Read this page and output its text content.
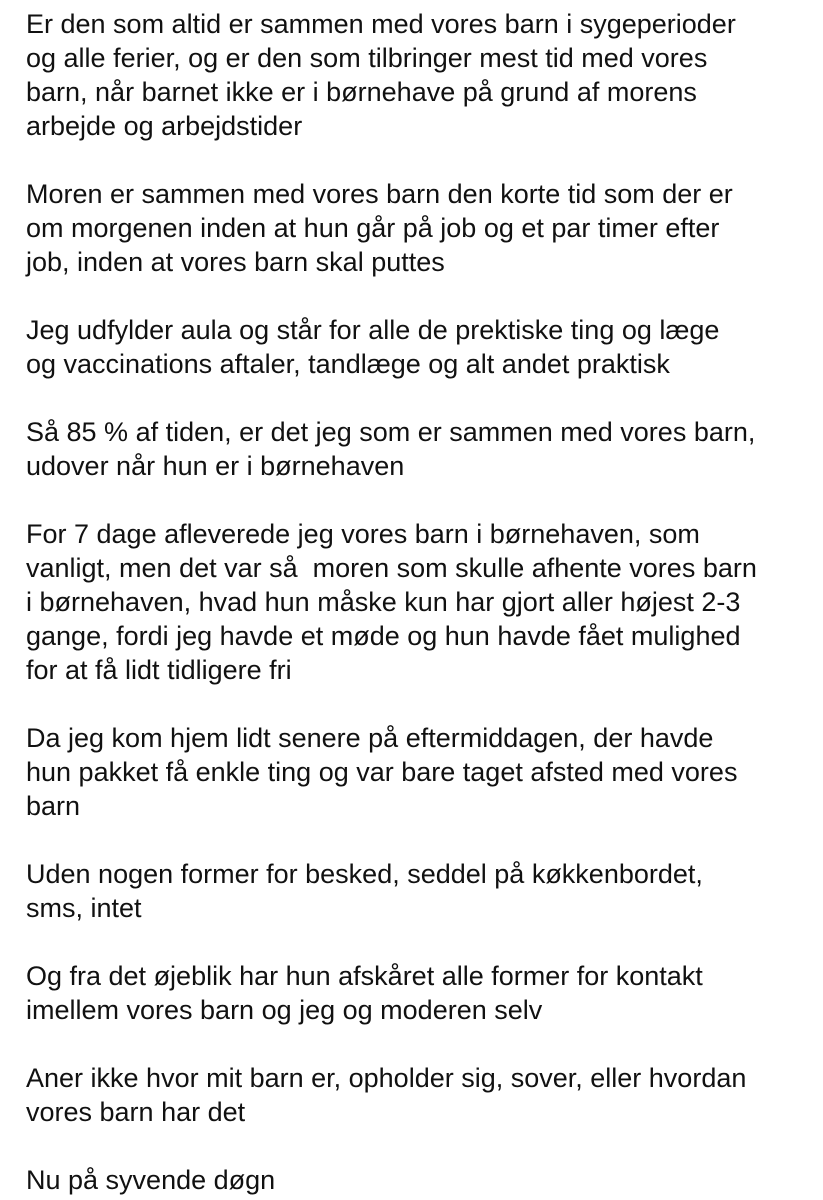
Er den som altid er sammen med vores barn i sygeperioder
og alle ferier, og er den som tilbringer mest tid med vores
barn, når barnet ikke er i børnehave på grund af morens
arbejde og arbejdstider

Moren er sammen med vores barn den korte tid som der er
om morgenen inden at hun går på job og et par timer efter
job, inden at vores barn skal puttes

Jeg udfylder aula og står for alle de prektiske ting og læge
og vaccinations aftaler, tandlæge og alt andet praktisk

Så 85 % af tiden, er det jeg som er sammen med vores barn,
udover når hun er i børnehaven

For 7 dage afleverede jeg vores barn i børnehaven, som
vanligt, men det var så  moren som skulle afhente vores barn
i børnehaven, hvad hun måske kun har gjort aller højest 2-3
gange, fordi jeg havde et møde og hun havde fået mulighed
for at få lidt tidligere fri

Da jeg kom hjem lidt senere på eftermiddagen, der havde
hun pakket få enkle ting og var bare taget afsted med vores
barn

Uden nogen former for besked, seddel på køkkenbordet,
sms, intet

Og fra det øjeblik har hun afskåret alle former for kontakt
imellem vores barn og jeg og moderen selv

Aner ikke hvor mit barn er, opholder sig, sover, eller hvordan
vores barn har det

Nu på syvende døgn
